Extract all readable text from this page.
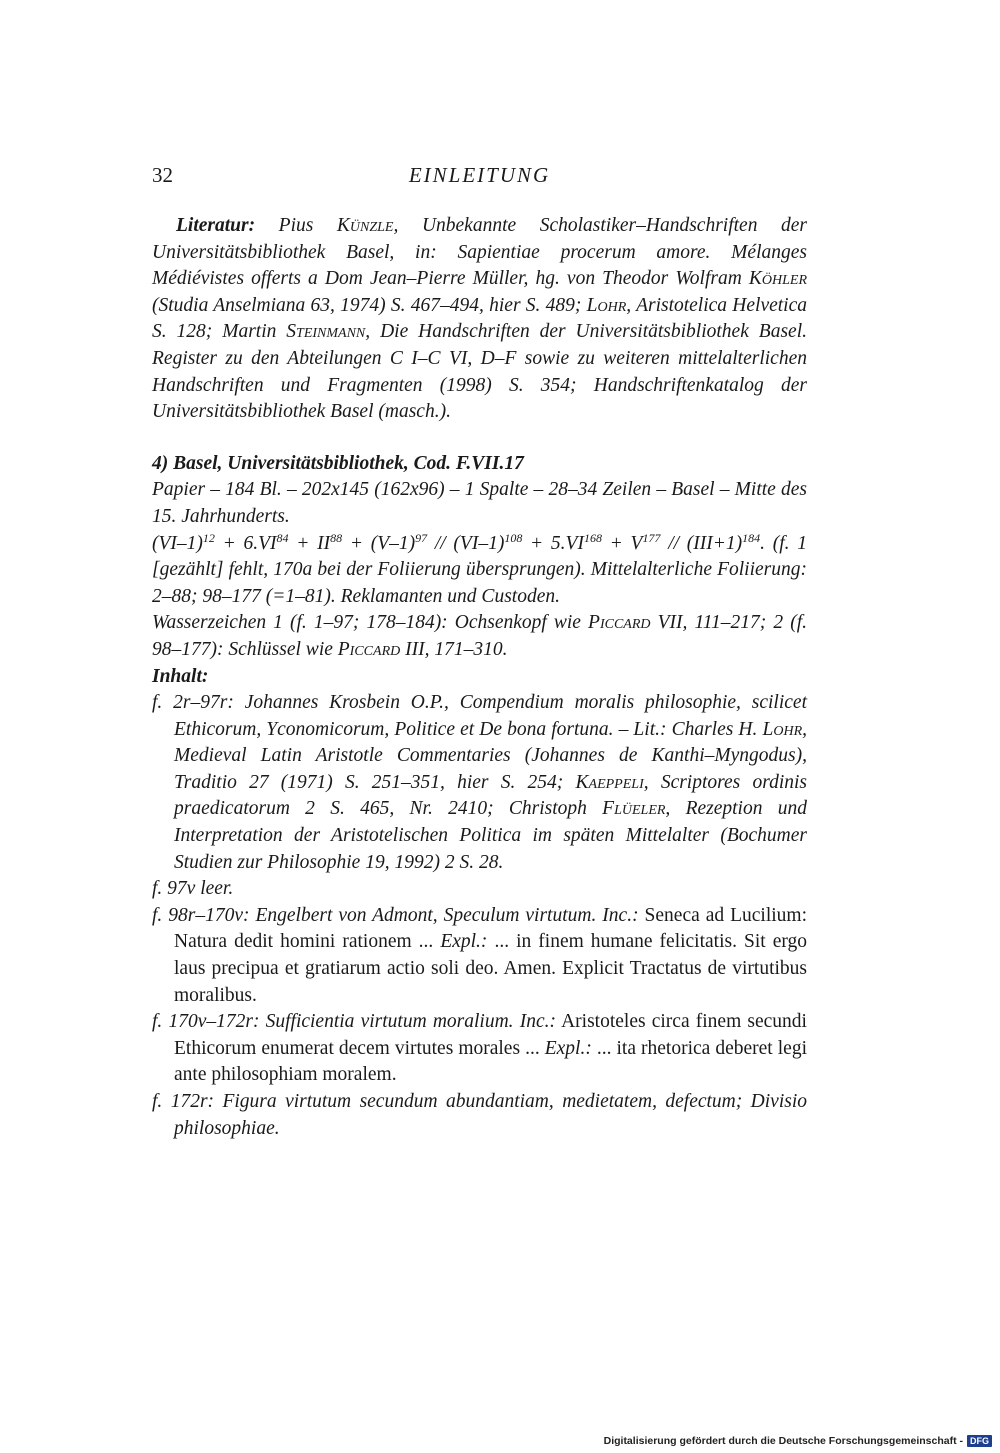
32	EINLEITUNG

Literatur: Pius Künzle, Unbekannte Scholastiker–Handschriften der Universitätsbibliothek Basel, in: Sapientiae procerum amore. Mélanges Médiévistes offerts a Dom Jean–Pierre Müller, hg. von Theodor Wolfram Köhler (Studia Anselmiana 63, 1974) S. 467–494, hier S. 489; Lohr, Aristotelica Helvetica S. 128; Martin Steinmann, Die Handschriften der Universitätsbibliothek Basel. Register zu den Abteilungen C I–C VI, D–F sowie zu weiteren mittelalterlichen Handschriften und Fragmenten (1998) S. 354; Handschriftenkatalog der Universitätsbibliothek Basel (masch.).

4) Basel, Universitätsbibliothek, Cod. F.VII.17
Papier – 184 Bl. – 202x145 (162x96) – 1 Spalte – 28–34 Zeilen – Basel – Mitte des 15. Jahrhunderts.
$(VI-1)^{12} + 6.VI^{84} + II^{88} + (V-1)^{97} // (VI-1)^{108} + 5.VI^{168} + V^{177} // (III+1)^{184}$. (f. 1 [gezählt] fehlt, 170a bei der Foliierung übersprungen). Mittelalterliche Foliierung: 2–88; 98–177 (=1–81). Reklamanten und Custoden.
Wasserzeichen 1 (f. 1–97; 178–184): Ochsenkopf wie Piccard VII, 111–217; 2 (f. 98–177): Schlüssel wie Piccard III, 171–310.
Inhalt:
f. 2r–97r: Johannes Krosbein O.P., Compendium moralis philosophie, scilicet Ethicorum, Yconomicorum, Politice et De bona fortuna. – Lit.: Charles H. Lohr, Medieval Latin Aristotle Commentaries (Johannes de Kanthi–Myngodus), Traditio 27 (1971) S. 251–351, hier S. 254; Kaeppeli, Scriptores ordinis praedicatorum 2 S. 465, Nr. 2410; Christoph Flüeler, Rezeption und Interpretation der Aristotelischen Politica im späten Mittelalter (Bochumer Studien zur Philosophie 19, 1992) 2 S. 28.
f. 97v leer.
f. 98r–170v: Engelbert von Admont, Speculum virtutum. Inc.: Seneca ad Lucilium: Natura dedit homini rationem ... Expl.: ... in finem humane felicitatis. Sit ergo laus precipua et gratiarum actio soli deo. Amen. Explicit Tractatus de virtutibus moralibus.
f. 170v–172r: Sufficientia virtutum moralium. Inc.: Aristoteles circa finem secundi Ethicorum enumerat decem virtutes morales ... Expl.: ... ita rhetorica deberet legi ante philosophiam moralem.
f. 172r: Figura virtutum secundum abundantiam, medietatem, defectum; Divisio philosophiae.
Digitalisierung gefördert durch die Deutsche Forschungsgemeinschaft - DFG
